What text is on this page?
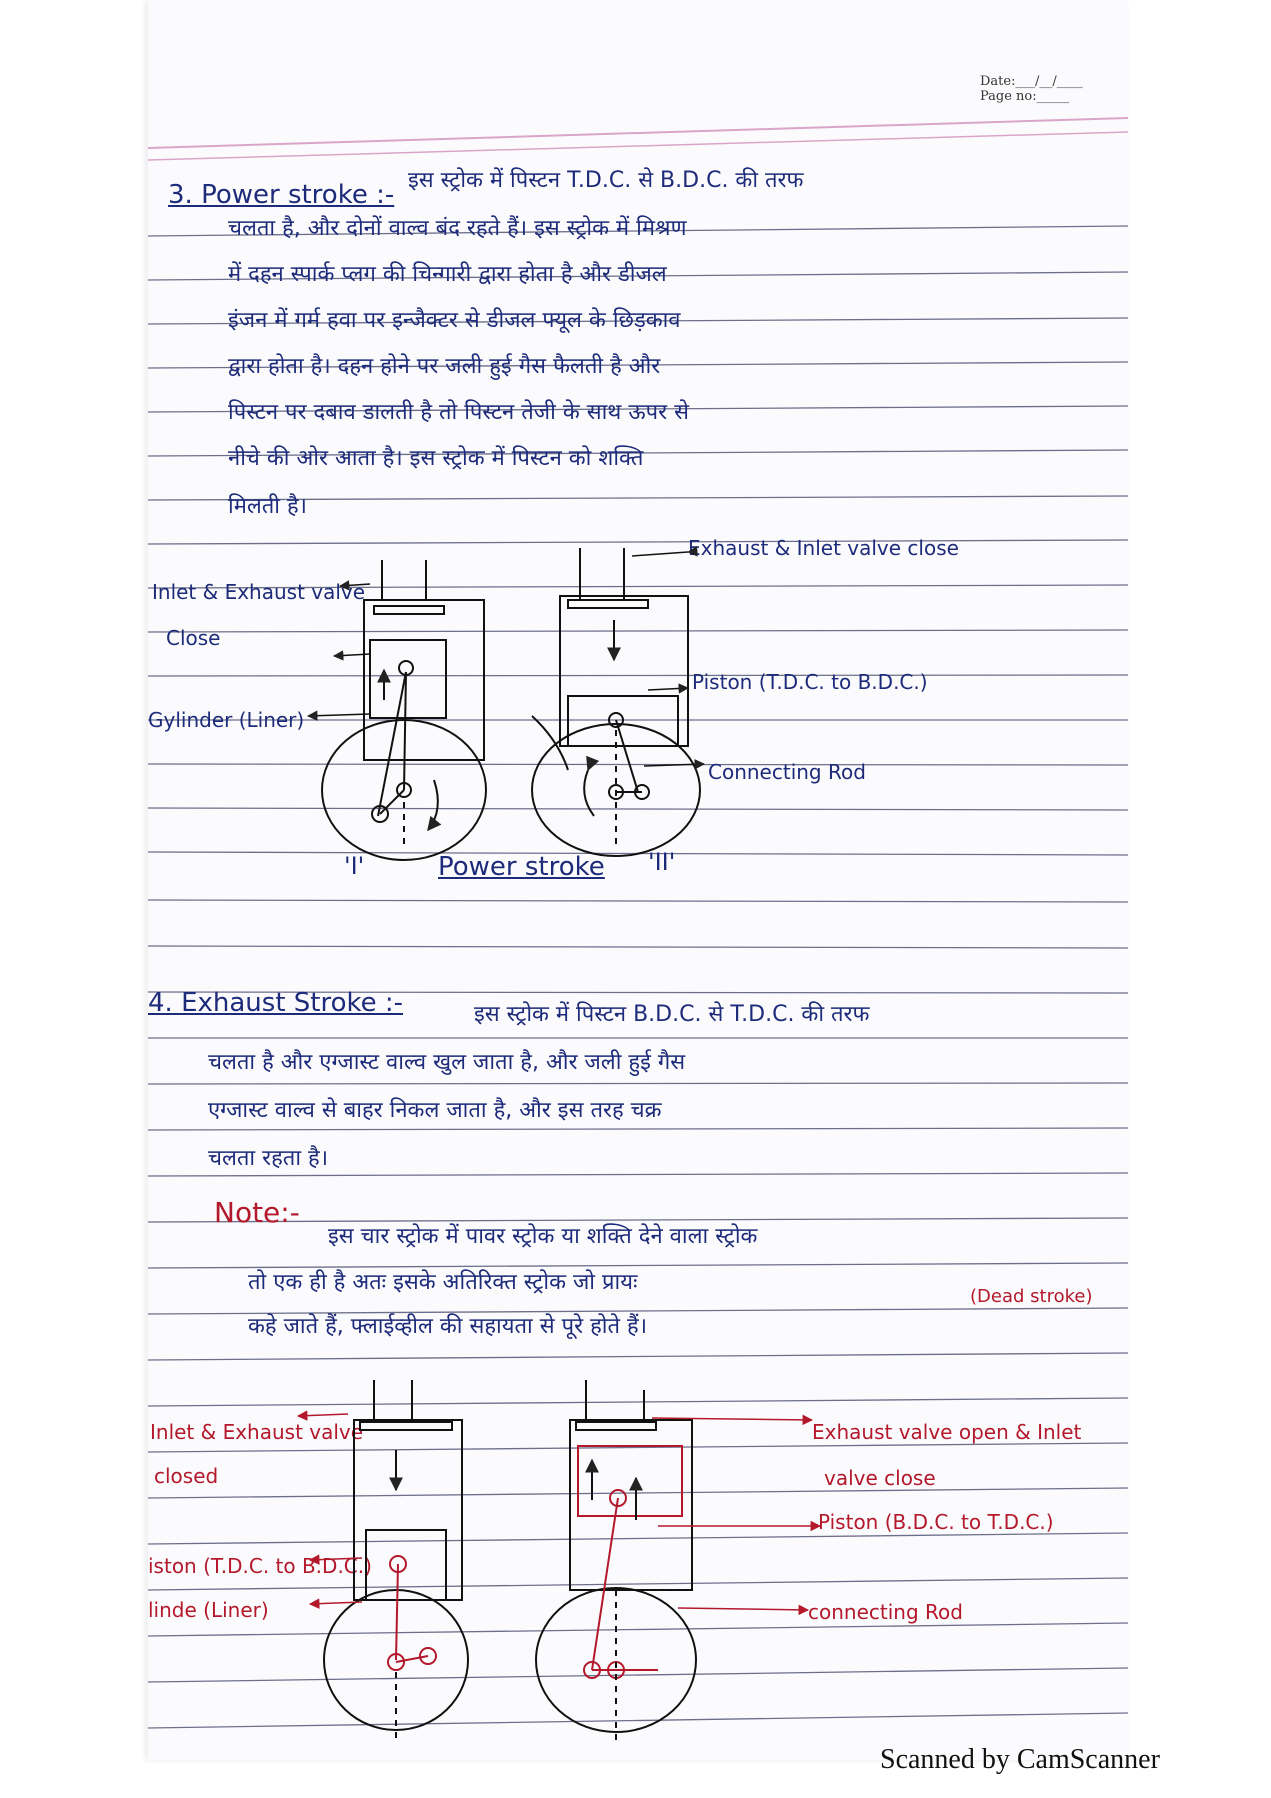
Date:___/__/____    Page no:_____
3. Power stroke :- इस स्ट्रोक में पिस्टन T.D.C. से B.D.C. की तरफ
चलता है, और दोनों वाल्व बंद रहते हैं। इस स्ट्रोक में मिश्रण
में दहन स्पार्क प्लग की चिन्गारी द्वारा होता है और डीजल
इंजन में गर्म हवा पर इन्जैक्टर से डीजल फ्यूल के छिड़काव
द्वारा होता है। दहन होने पर जली हुई गैस फैलती है और
पिस्टन पर दबाव डालती है तो पिस्टन तेजी के साथ ऊपर से
नीचे की ओर आता है। इस स्ट्रोक में पिस्टन को शक्ति
मिलती है।
Exhaust & Inlet valve close
Inlet & Exhaust valve
Close
Gylinder (Liner)
Piston (T.D.C. to B.D.C.)
Connecting Rod
'I'	Power stroke 'II'
4. Exhaust Stroke :-	इस स्ट्रोक में पिस्टन B.D.C. से T.D.C. की तरफ
चलता है और एग्जास्ट वाल्व खुल जाता है, और जली हुई गैस
एग्जास्ट वाल्व से बाहर निकल जाता है, और इस तरह चक्र
चलता रहता है।
Note:-
इस चार स्ट्रोक में पावर स्ट्रोक या शक्ति देने वाला स्ट्रोक
तो एक ही है अतः इसके अतिरिक्त स्ट्रोक जो प्रायः
कहे जाते हैं, फ्लाईव्हील की सहायता से पूरे होते हैं।
(Dead stroke)
Inlet & Exhaust valve
closed
iston (T.D.C. to B.D.C.)
linde (Liner)
Exhaust valve open & Inlet
valve close
Piston (B.D.C. to T.D.C.)
connecting Rod
Scanned by CamScanner
